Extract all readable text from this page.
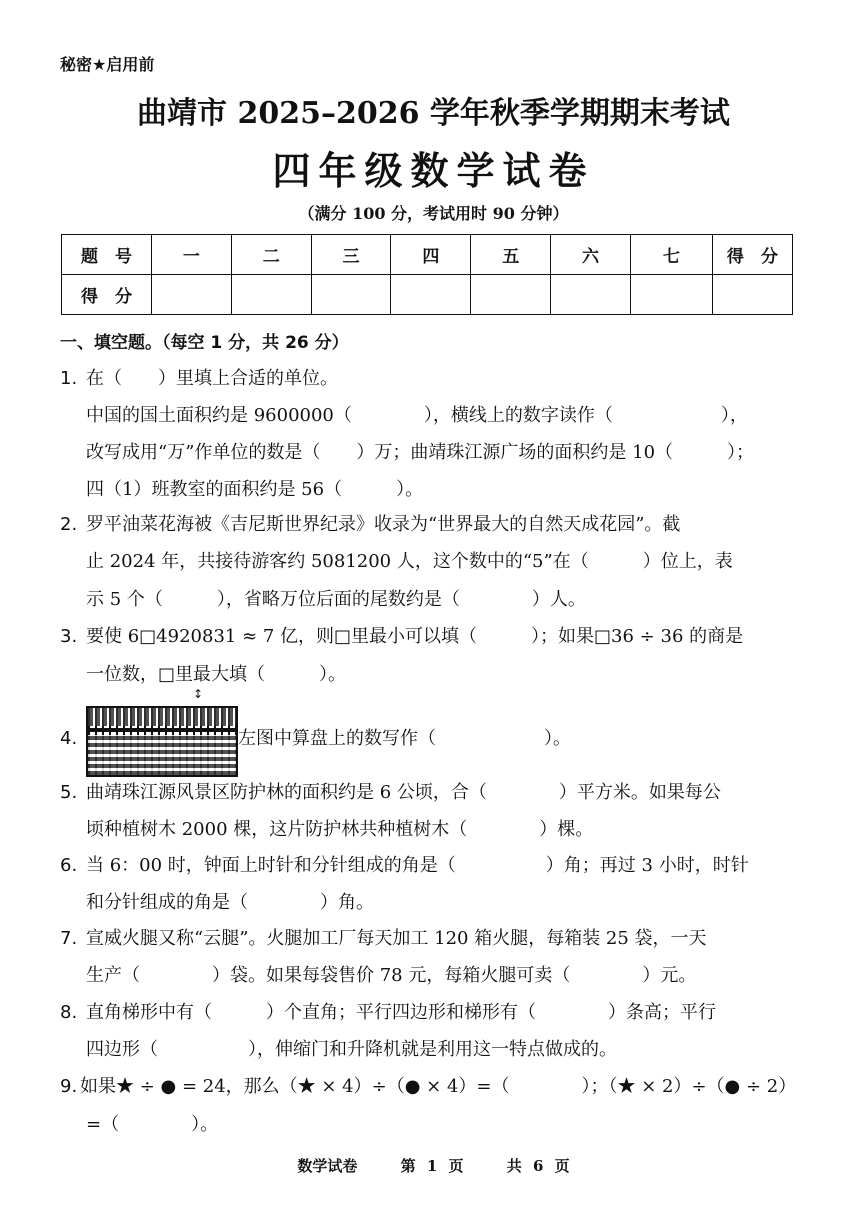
秘密★启用前
曲靖市 2025–2026 学年秋季学期期末考试
四年级数学试卷
（满分 100 分，考试用时 90 分钟）
题　号	一	二	三	四	五	六	七	得　分
得　分								
一、填空题。（每空 1 分，共 26 分）
1. 在（　　）里填上合适的单位。
中国的国土面积约是 9600000（　　　　），横线上的数字读作（　　　　　　），
改写成用“万”作单位的数是（　　）万；曲靖珠江源广场的面积约是 10（　　　）；
四（1）班教室的面积约是 56（　　　）。
2. 罗平油菜花海被《吉尼斯世界纪录》收录为“世界最大的自然天成花园”。截
止 2024 年，共接待游客约 5081200 人，这个数中的“5”在（　　　）位上，表
示 5 个（　　　），省略万位后面的尾数约是（　　　　）人。
3. 要使 6□4920831 ≈ 7 亿，则□里最小可以填（　　　）；如果□36 ÷ 36 的商是
一位数，□里最大填（　　　）。
↕
4.	左图中算盘上的数写作（　　　　　　）。
5. 曲靖珠江源风景区防护林的面积约是 6 公顷，合（　　　　）平方米。如果每公
顷种植树木 2000 棵，这片防护林共种植树木（　　　　）棵。
6. 当 6：00 时，钟面上时针和分针组成的角是（　　　　　）角；再过 3 小时，时针
和分针组成的角是（　　　　）角。
7. 宣威火腿又称“云腿”。火腿加工厂每天加工 120 箱火腿，每箱装 25 袋，一天
生产（　　　　）袋。如果每袋售价 78 元，每箱火腿可卖（　　　　）元。
8. 直角梯形中有（　　　）个直角；平行四边形和梯形有（　　　　）条高；平行
四边形（　　　　　），伸缩门和升降机就是利用这一特点做成的。
9. 如果★ ÷ ● = 24，那么（★ × 4）÷（● × 4）=（　　　　）；（★ × 2）÷（● ÷ 2）
=（　　　　）。
数学试卷	第 1 页	共 6 页
